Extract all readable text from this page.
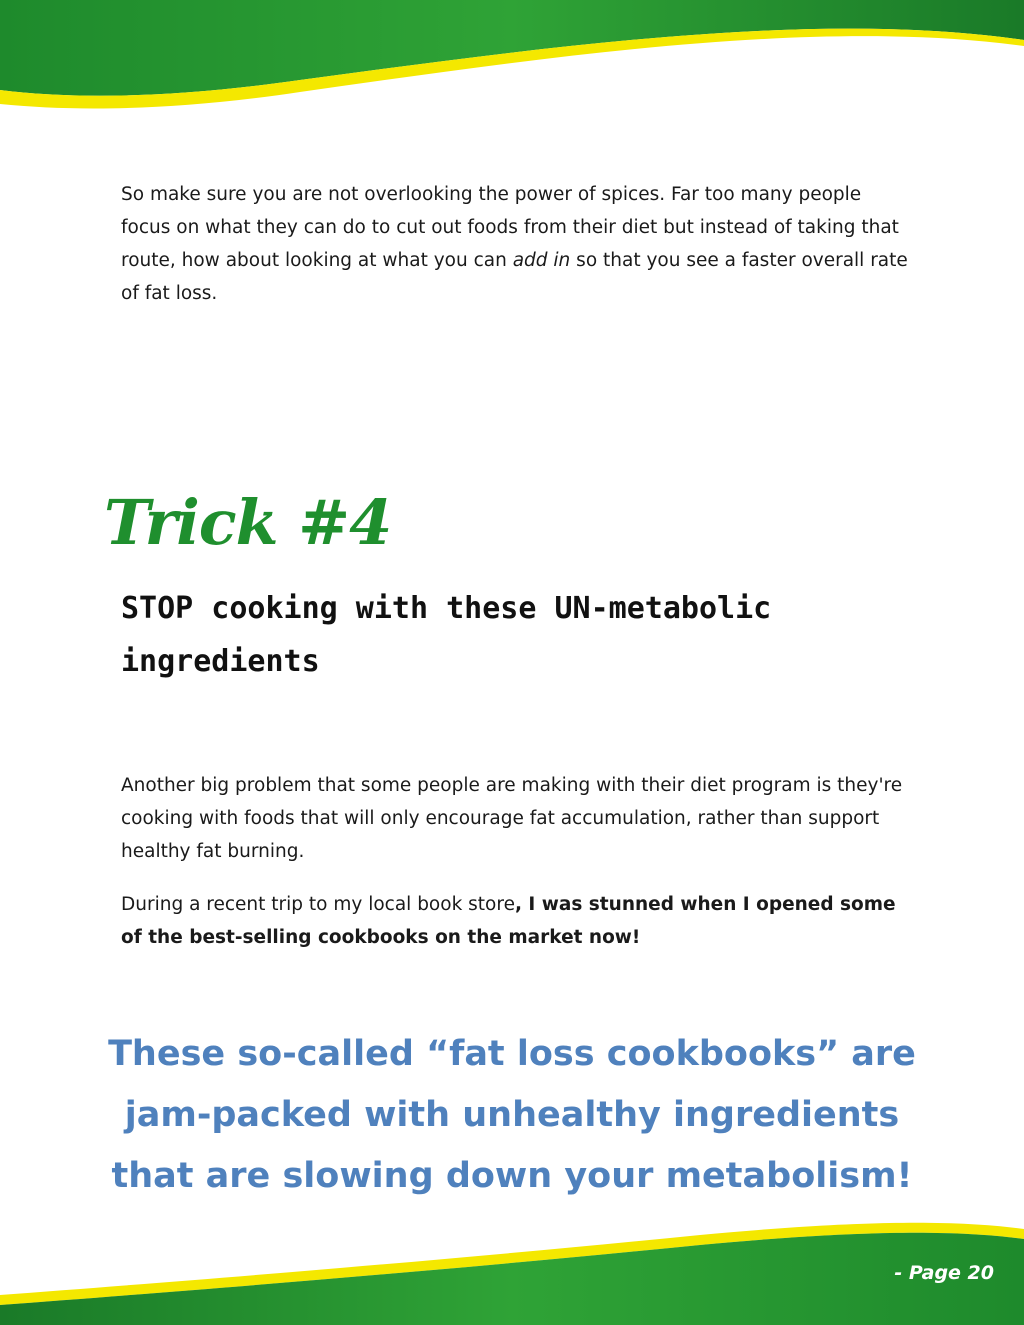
So make sure you are not overlooking the power of spices. Far too many people focus on what they can do to cut out foods from their diet but instead of taking that route, how about looking at what you can add in so that you see a faster overall rate of fat loss.

Trick #4
STOP cooking with these UN-metabolic ingredients

Another big problem that some people are making with their diet program is they're cooking with foods that will only encourage fat accumulation, rather than support healthy fat burning.

During a recent trip to my local book store, I was stunned when I opened some of the best-selling cookbooks on the market now!

These so-called “fat loss cookbooks” are
jam-packed with unhealthy ingredients
that are slowing down your metabolism!
- Page 20
